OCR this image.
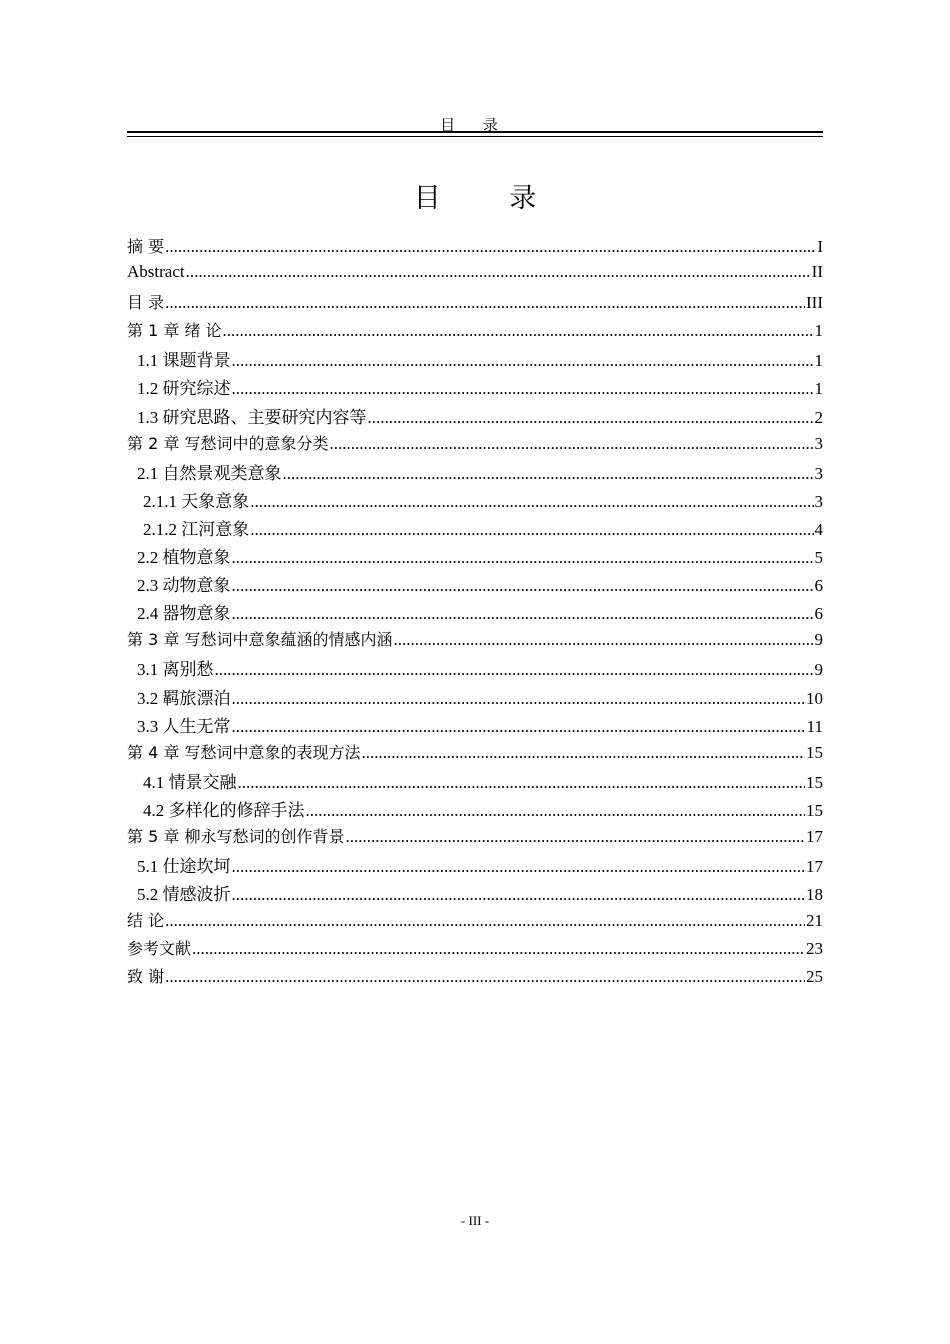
目 录
目 录
摘 要 .....	I
Abstract .....	II
目 录 .....	III
第 1 章 绪 论 .....	1
1.1 课题背景 .....	1
1.2 研究综述 .....	1
1.3 研究思路、主要研究内容等 .....	2
第 2 章 写愁词中的意象分类 .....	3
2.1 自然景观类意象 .....	3
2.1.1 天象意象 .....	3
2.1.2 江河意象 .....	4
2.2 植物意象 .....	5
2.3 动物意象 .....	6
2.4 器物意象 .....	6
第 3 章 写愁词中意象蕴涵的情感内涵 .....	9
3.1 离别愁 .....	9
3.2 羁旅漂泊 .....	10
3.3 人生无常 .....	11
第 4 章 写愁词中意象的表现方法 .....	15
4.1 情景交融 .....	15
4.2 多样化的修辞手法 .....	15
第 5 章 柳永写愁词的创作背景 .....	17
5.1 仕途坎坷 .....	17
5.2 情感波折 .....	18
结 论 .....	21
参考文献 .....	23
致 谢 .....	25
- III -
